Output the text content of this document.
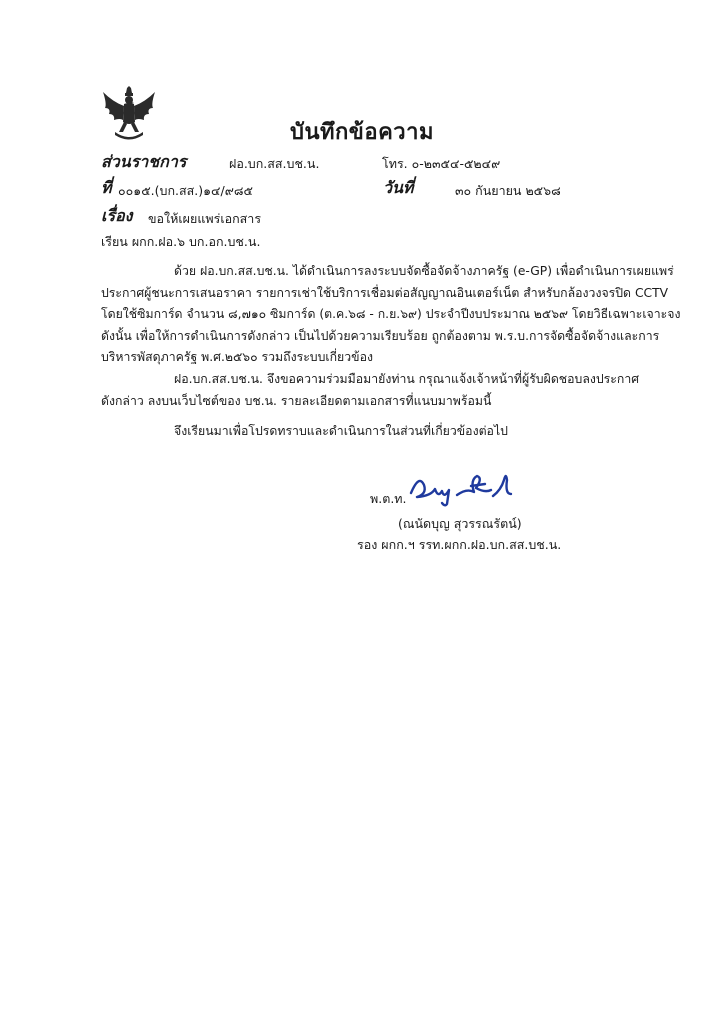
บันทึกข้อความ
ส่วนราชการ	ฝอ.บก.สส.บช.น.	โทร. ๐-๒๓๕๔-๕๒๔๙
ที่ ๐๐๑๕.(บก.สส.)๑๔/๙๘๕	วันที่	๓๐ กันยายน ๒๕๖๘
เรื่อง ขอให้เผยแพร่เอกสาร
เรียน ผกก.ฝอ.๖ บก.อก.บช.น.
ด้วย ฝอ.บก.สส.บช.น. ได้ดำเนินการลงระบบจัดซื้อจัดจ้างภาครัฐ (e-GP) เพื่อดำเนินการเผยแพร่
ประกาศผู้ชนะการเสนอราคา รายการเช่าใช้บริการเชื่อมต่อสัญญาณอินเตอร์เน็ต สำหรับกล้องวงจรปิด CCTV
โดยใช้ซิมการ์ด จำนวน ๘,๗๑๐ ซิมการ์ด (ต.ค.๖๘ - ก.ย.๖๙) ประจำปีงบประมาณ ๒๕๖๙ โดยวิธีเฉพาะเจาะจง
ดังนั้น เพื่อให้การดำเนินการดังกล่าว เป็นไปด้วยความเรียบร้อย ถูกต้องตาม พ.ร.บ.การจัดซื้อจัดจ้างและการ
บริหารพัสดุภาครัฐ พ.ศ.๒๕๖๐ รวมถึงระบบเกี่ยวข้อง
ฝอ.บก.สส.บช.น. จึงขอความร่วมมือมายังท่าน กรุณาแจ้งเจ้าหน้าที่ผู้รับผิดชอบลงประกาศ
ดังกล่าว ลงบนเว็บไซต์ของ บช.น. รายละเอียดตามเอกสารที่แนบมาพร้อมนี้
จึงเรียนมาเพื่อโปรดทราบและดำเนินการในส่วนที่เกี่ยวข้องต่อไป
พ.ต.ท.
(ณนัดบุญ สุวรรณรัตน์)
รอง ผกก.ฯ รรท.ผกก.ฝอ.บก.สส.บช.น.
